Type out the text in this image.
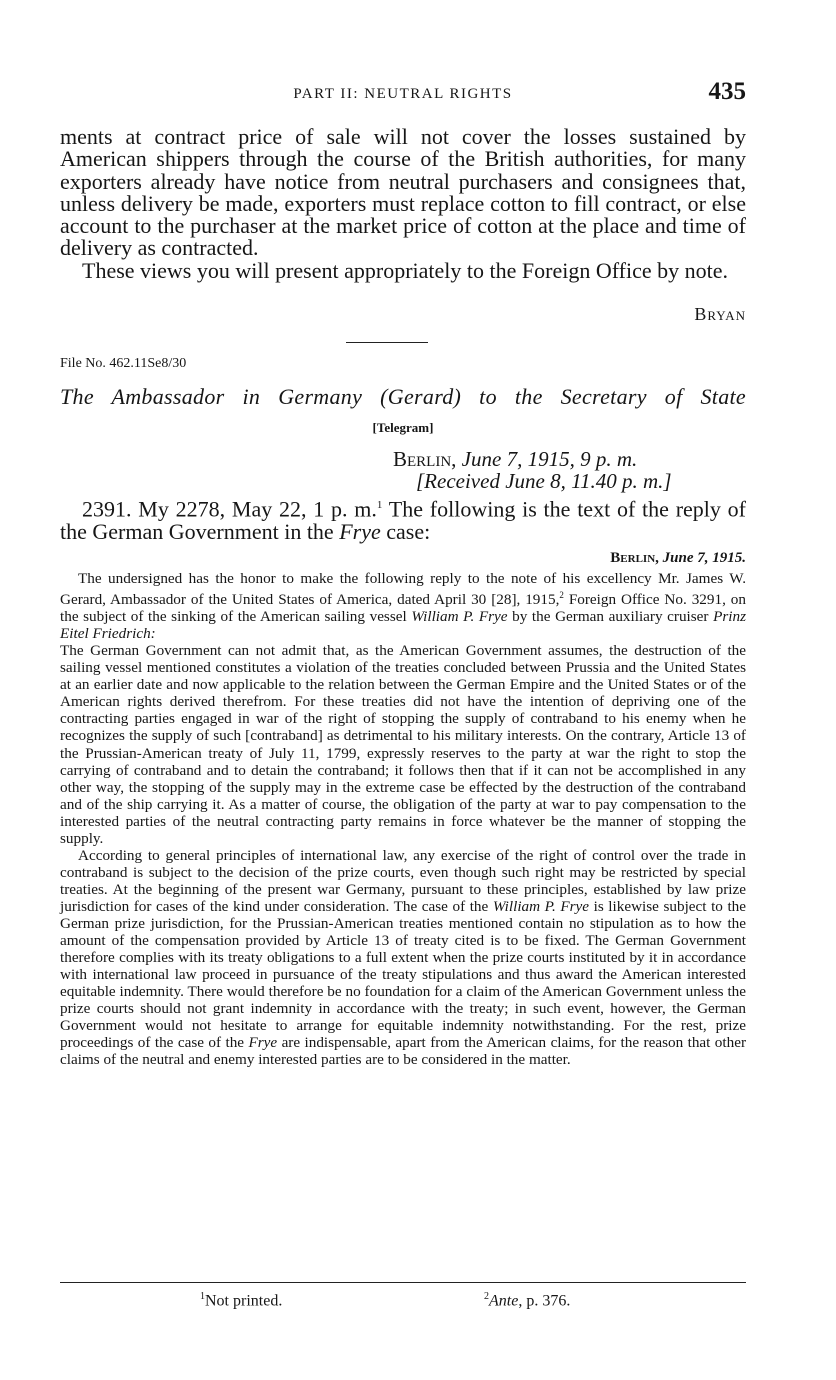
PART II: NEUTRAL RIGHTS	435

ments at contract price of sale will not cover the losses sustained by American shippers through the course of the British authorities, for many exporters already have notice from neutral purchasers and consignees that, unless delivery be made, exporters must replace cotton to fill contract, or else account to the purchaser at the market price of cotton at the place and time of delivery as contracted.

These views you will present appropriately to the Foreign Office by note.

Bryan
File No. 462.11Se8/30
The Ambassador in Germany (Gerard) to the Secretary of State
[Telegram]
Berlin, June 7, 1915, 9 p. m.
[Received June 8, 11.40 p. m.]

2391. My 2278, May 22, 1 p. m.$^1$ The following is the text of the reply of the German Government in the Frye case:

Berlin, June 7, 1915.

The undersigned has the honor to make the following reply to the note of his excellency Mr. James W. Gerard, Ambassador of the United States of America, dated April 30 [28], 1915,$^2$ Foreign Office No. 3291, on the subject of the sinking of the American sailing vessel William P. Frye by the German auxiliary cruiser Prinz Eitel Friedrich:

The German Government can not admit that, as the American Government assumes, the destruction of the sailing vessel mentioned constitutes a violation of the treaties concluded between Prussia and the United States at an earlier date and now applicable to the relation between the German Empire and the United States or of the American rights derived therefrom. For these treaties did not have the intention of depriving one of the contracting parties engaged in war of the right of stopping the supply of contraband to his enemy when he recognizes the supply of such [contraband] as detrimental to his military interests. On the contrary, Article 13 of the Prussian-American treaty of July 11, 1799, expressly reserves to the party at war the right to stop the carrying of contraband and to detain the contraband; it follows then that if it can not be accomplished in any other way, the stopping of the supply may in the extreme case be effected by the destruction of the contraband and of the ship carrying it. As a matter of course, the obligation of the party at war to pay compensation to the interested parties of the neutral contracting party remains in force whatever be the manner of stopping the supply.

According to general principles of international law, any exercise of the right of control over the trade in contraband is subject to the decision of the prize courts, even though such right may be restricted by special treaties. At the beginning of the present war Germany, pursuant to these principles, established by law prize jurisdiction for cases of the kind under consideration. The case of the William P. Frye is likewise subject to the German prize jurisdiction, for the Prussian-American treaties mentioned contain no stipulation as to how the amount of the compensation provided by Article 13 of treaty cited is to be fixed. The German Government therefore complies with its treaty obligations to a full extent when the prize courts instituted by it in accordance with international law proceed in pursuance of the treaty stipulations and thus award the American interested equitable indemnity. There would therefore be no foundation for a claim of the American Government unless the prize courts should not grant indemnity in accordance with the treaty; in such event, however, the German Government would not hesitate to arrange for equitable indemnity notwithstanding. For the rest, prize proceedings of the case of the Frye are indispensable, apart from the American claims, for the reason that other claims of the neutral and enemy interested parties are to be considered in the matter.

$^1$Not printed.	$^2$Ante, p. 376.
